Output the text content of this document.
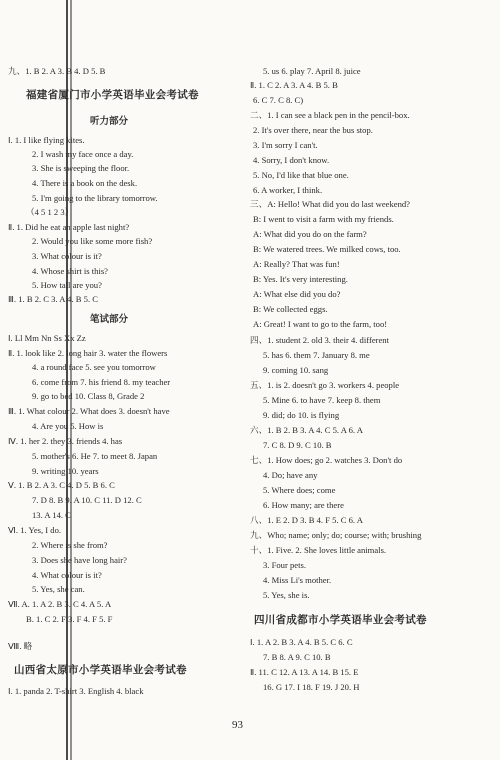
九、1. B 2. A 3. B 4. D 5. B
福建省厦门市小学英语毕业会考试卷
听力部分
Ⅰ. 1. I like flying kites.
2. I wash my face once a day.
3. She is sweeping the floor.
4. There is a book on the desk.
5. I'm going to the library tomorrow.
（4 5 1 2 3）
Ⅱ. 1. Did he eat an apple last night?
2. Would you like some more fish?
3. What colour is it?
4. Whose shirt is this?
5. How tall are you?
Ⅲ. 1. B 2. C 3. A 4. B 5. C
笔试部分
Ⅰ. Ll Mm Nn Ss Xx Zz
Ⅱ. 1. look like 2. long hair 3. water the flowers
4. a round face 5. see you tomorrow
6. come from 7. his friend 8. my teacher
9. go to bed 10. Class 8, Grade 2
Ⅲ. 1. What colour 2. What does 3. doesn't have
4. Are you 5. How is
Ⅳ. 1. her 2. they 3. friends 4. has
5. mother's 6. He 7. to meet 8. Japan
9. writing 10. years
Ⅴ. 1. B 2. A 3. C 4. D 5. B 6. C
7. D 8. B 9. A 10. C 11. D 12. C
13. A 14. C
Ⅵ. 1. Yes, I do.
2. Where is she from?
3. Does she have long hair?
4. What colour is it?
5. Yes, she can.
Ⅶ. A. 1. A 2. B 3. C 4. A 5. A
B. 1. C 2. F 3. F 4. F 5. F
Ⅷ. 略
山西省太原市小学英语毕业会考试卷
Ⅰ. 1. panda 2. T-shirt 3. English 4. black
5. us 6. play 7. April 8. juice
Ⅱ. 1. C 2. A 3. A 4. B 5. B
6. C 7. C 8. C)
二、1. I can see a black pen in the pencil-box.
2. It's over there, near the bus stop.
3. I'm sorry I can't.
4. Sorry, I don't know.
5. No, I'd like that blue one.
6. A worker, I think.
三、A: Hello! What did you do last weekend?
B: I went to visit a farm with my friends.
A: What did you do on the farm?
B: We watered trees. We milked cows, too.
A: Really? That was fun!
B: Yes. It's very interesting.
A: What else did you do?
B: We collected eggs.
A: Great! I want to go to the farm, too!
四、1. student 2. old 3. their 4. different
5. has 6. them 7. January 8. me
9. coming 10. sang
五、1. is 2. doesn't go 3. workers 4. people
5. Mine 6. to have 7. keep 8. them
9. did; do 10. is flying
六、1. B 2. B 3. A 4. C 5. A 6. A
7. C 8. D 9. C 10. B
七、1. How does; go 2. watches 3. Don't do
4. Do; have any
5. Where does; come
6. How many; are there
八、1. E 2. D 3. B 4. F 5. C 6. A
九、Who; name; only; do; course; with; brushing
十、1. Five. 2. She loves little animals.
3. Four pets.
4. Miss Li's mother.
5. Yes, she is.
四川省成都市小学英语毕业会考试卷
Ⅰ. 1. A 2. B 3. A 4. B 5. C 6. C
7. B 8. A 9. C 10. B
Ⅱ. 11. C 12. A 13. A 14. B 15. E
16. G 17. I 18. F 19. J 20. H
93
